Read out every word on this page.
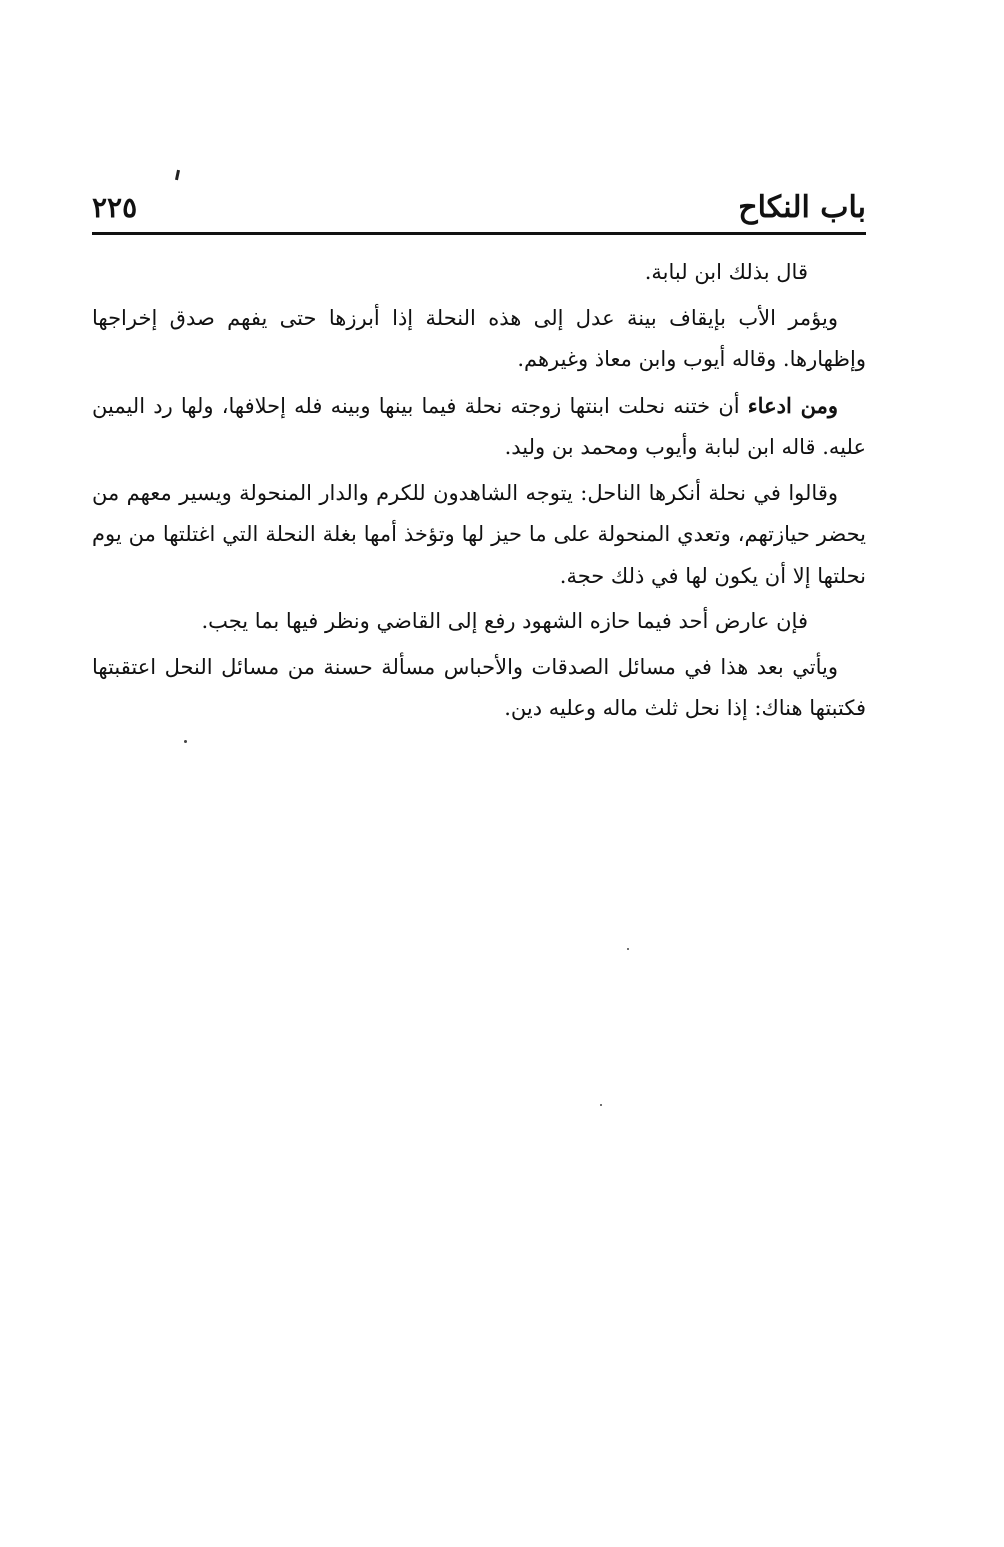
باب النكاح
٢٢٥

قال بذلك ابن لبابة.

ويؤمر الأب بإيقاف بينة عدل إلى هذه النحلة إذا أبرزها حتى يفهم صدق إخراجها وإظهارها. وقاله أيوب وابن معاذ وغيرهم.

ومن ادعاء أن ختنه نحلت ابنتها زوجته نحلة فيما بينها وبينه فله إحلافها، ولها رد اليمين عليه. قاله ابن لبابة وأيوب ومحمد بن وليد.

وقالوا في نحلة أنكرها الناحل: يتوجه الشاهدون للكرم والدار المنحولة ويسير معهم من يحضر حيازتهم، وتعدي المنحولة على ما حيز لها وتؤخذ أمها بغلة النحلة التي اغتلتها من يوم نحلتها إلا أن يكون لها في ذلك حجة.

فإن عارض أحد فيما حازه الشهود رفع إلى القاضي ونظر فيها بما يجب.

ويأتي بعد هذا في مسائل الصدقات والأحباس مسألة حسنة من مسائل النحل اعتقبتها فكتبتها هناك: إذا نحل ثلث ماله وعليه دين.
